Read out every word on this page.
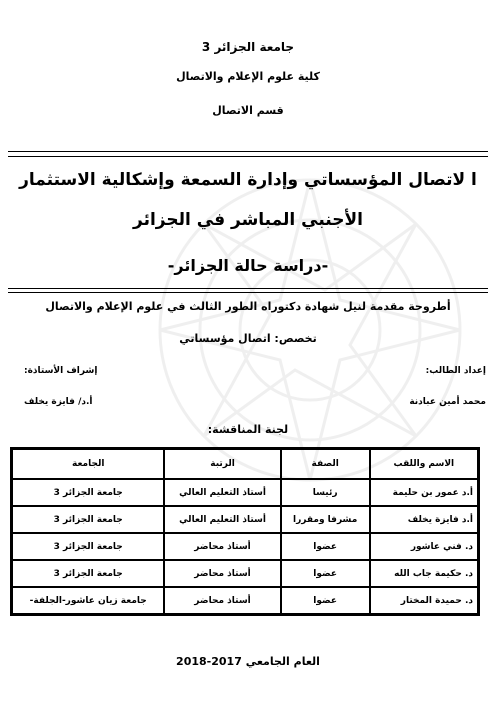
جامعة الجزائر 3
كلية علوم الإعلام والاتصال
قسم الاتصال
ا لاتصال المؤسساتي وإدارة السمعة وإشكالية الاستثمار
الأجنبي المباشر في الجزائر
-دراسة حالة الجزائر-
أطروحة مقدمة لنيل شهادة دكتوراه الطور الثالث في علوم الإعلام والاتصال
تخصص: اتصال مؤسساتي
إعداد الطالب:
إشراف الأستاذة:
محمد أمين عبادنة
أ.د/ فايزة يخلف
لجنة المناقشة:
الاسم واللقب	الصفة	الرتبة	الجامعة
أ.د عمور بن حليمة	رئيسا	أستاذ التعليم العالي	جامعة الجزائر 3
أ.د فايزة يخلف	مشرفا ومقررا	أستاذ التعليم العالي	جامعة الجزائر 3
د. فني عاشور	عضوا	أستاذ محاضر	جامعة الجزائر 3
د. حكيمة جاب الله	عضوا	أستاذ محاضر	جامعة الجزائر 3
د. حميدة المختار	عضوا	أستاذ محاضر	جامعة زيان عاشور-الجلفة-
العام الجامعي 2017-2018
